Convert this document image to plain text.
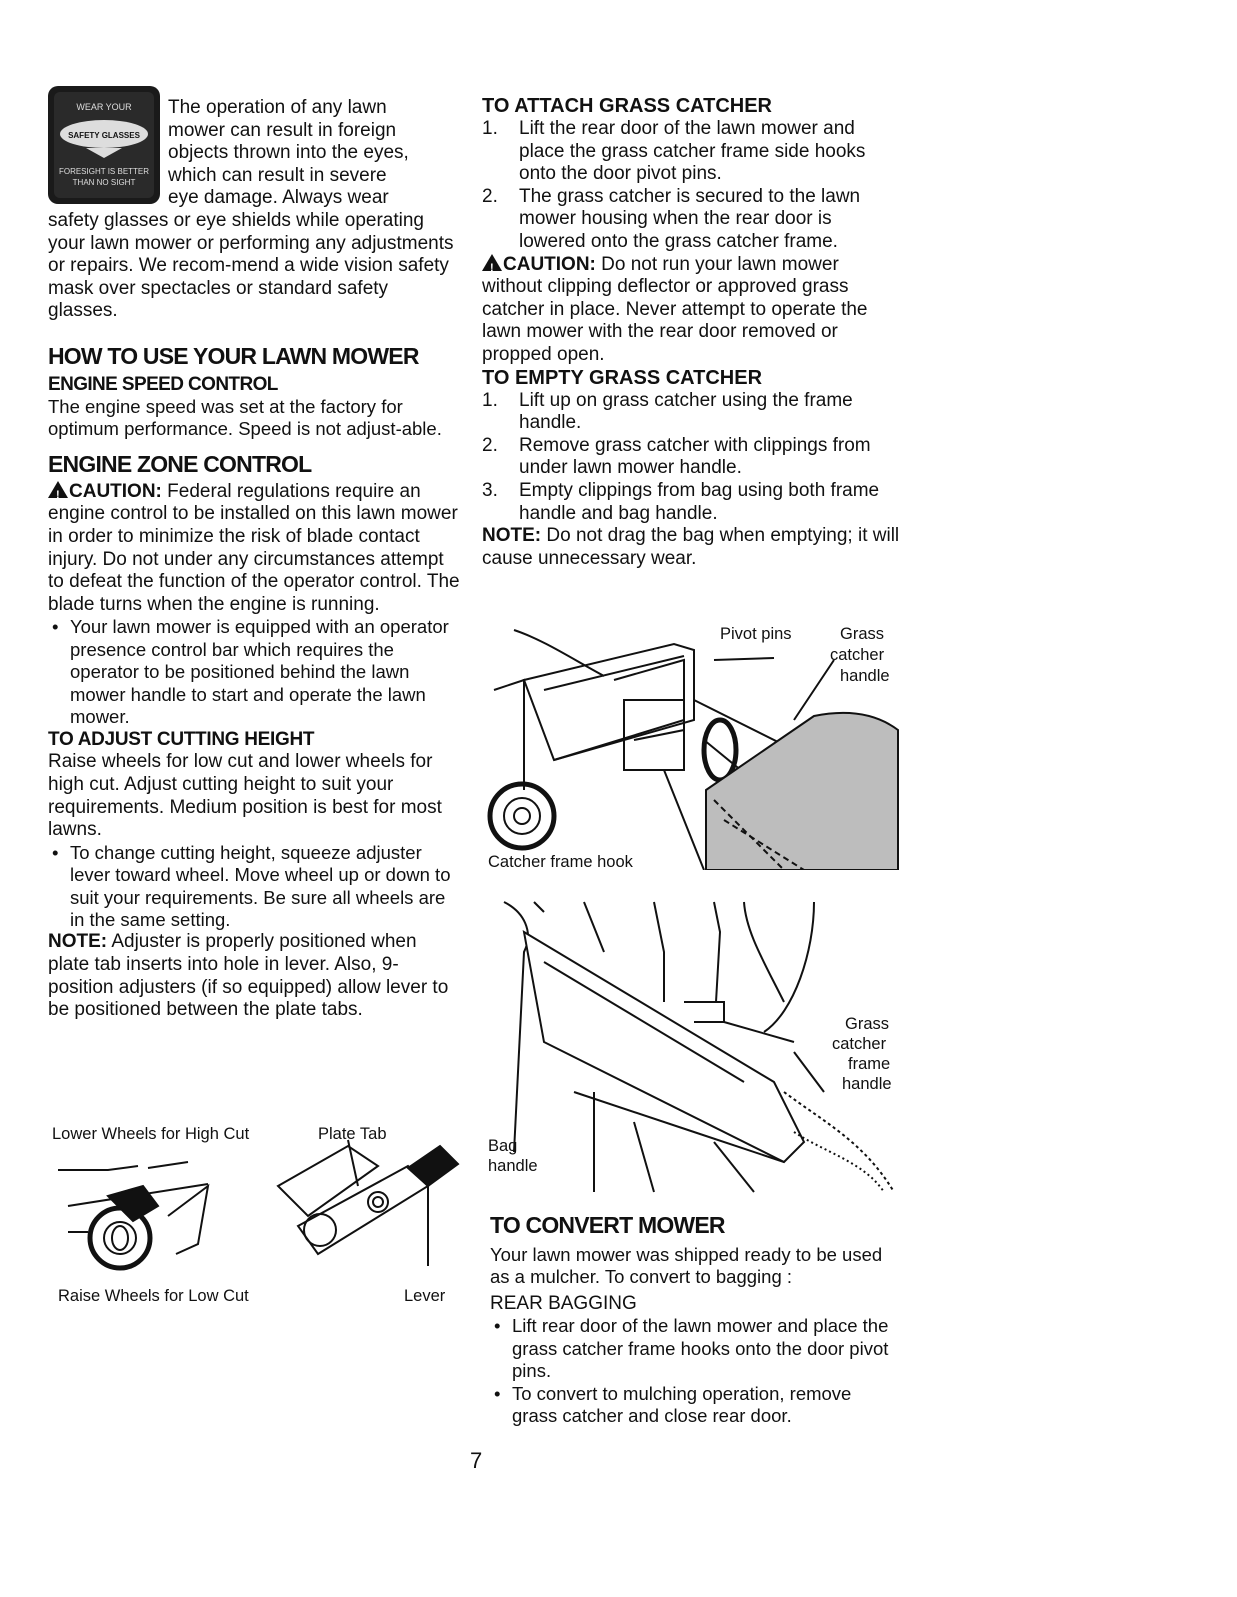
WEAR YOUR
SAFETY GLASSES
FORESIGHT IS BETTER
THAN NO SIGHT

The operation of any lawn

mower can result in foreign

objects thrown into the eyes,

which can result in severe

eye damage. Always wear

safety glasses or eye shields while operating your lawn mower or performing any adjustments or repairs. We recom-mend a wide vision safety mask over spectacles or standard safety glasses.

HOW TO USE YOUR LAWN MOWER
ENGINE SPEED CONTROL

The engine speed was set at the factory for optimum performance. Speed is not adjust-able.

ENGINE ZONE CONTROL

!CAUTION: Federal regulations require an engine control to be installed on this lawn mower in order to minimize the risk of blade contact injury. Do not under any circumstances attempt to defeat the function of the operator control. The blade turns when the engine is running.

• Your lawn mower is equipped with an operator presence control bar which requires the operator to be positioned behind the lawn mower handle to start and operate the lawn mower.
TO ADJUST CUTTING HEIGHT

Raise wheels for low cut and lower wheels for high cut. Adjust cutting height to suit your requirements. Medium position is best for most lawns.

• To change cutting height, squeeze adjuster lever toward wheel. Move wheel up or down to suit your requirements. Be sure all wheels are in the same setting.

NOTE: Adjuster is properly positioned when plate tab inserts into hole in lever. Also, 9-position adjusters (if so equipped) allow lever to be positioned between the plate tabs.

Lower Wheels for High Cut	Plate Tab
Raise Wheels for Low Cut	Lever
TO ATTACH GRASS CATCHER
1. Lift the rear door of the lawn mower and place the grass catcher frame side hooks onto the door pivot pins.
2. The grass catcher is secured to the lawn mower housing when the rear door is lowered onto the grass catcher frame.

!CAUTION: Do not run your lawn mower without clipping deflector or approved grass catcher in place. Never attempt to operate the lawn mower with the rear door removed or propped open.

TO EMPTY GRASS CATCHER
1. Lift up on grass catcher using the frame handle.
2. Remove grass catcher with clippings from under lawn mower handle.
3. Empty clippings from bag using both frame handle and bag handle.

NOTE: Do not drag the bag when emptying; it will cause unnecessary wear.

Pivot pins	Grass
catcher
handle
Catcher frame hook
Grass
catcher
frame
handle
Bag
handle
TO CONVERT MOWER

Your lawn mower was shipped ready to be used as a mulcher. To convert to bagging :

REAR BAGGING

• Lift rear door of the lawn mower and place the grass catcher frame hooks onto the door pivot pins.
• To convert to mulching operation, remove grass catcher and close rear door.
7
